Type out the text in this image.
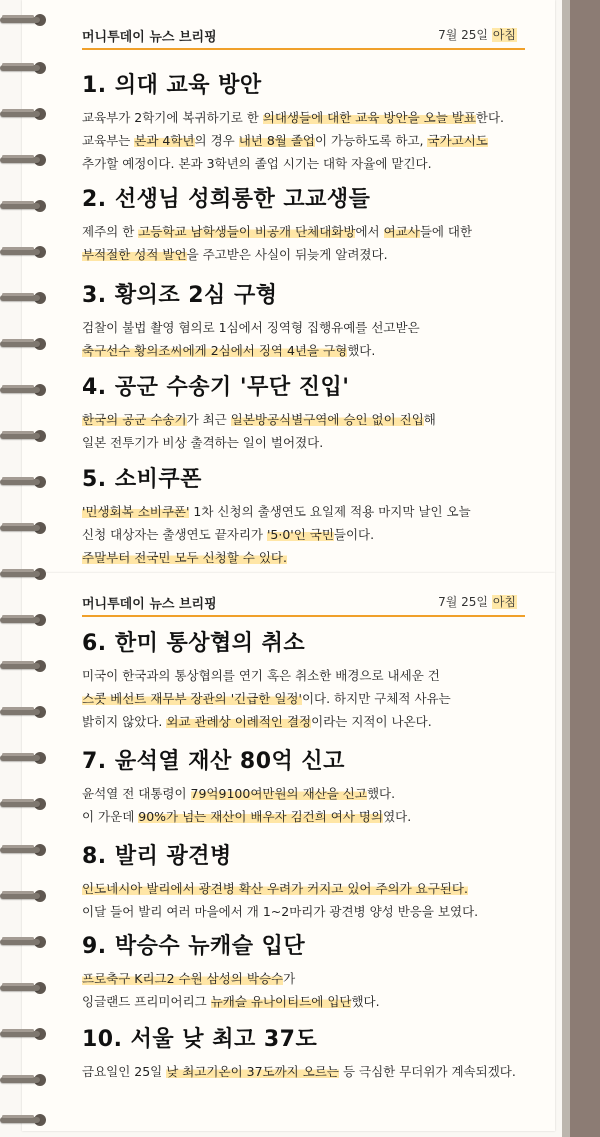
머니투데이 뉴스 브리핑	7월 25일 아침
1. 의대 교육 방안

교육부가 2학기에 복귀하기로 한 의대생들에 대한 교육 방안을 오늘 발표한다.
교육부는 본과 4학년의 경우 내년 8월 졸업이 가능하도록 하고, 국가고시도
추가할 예정이다. 본과 3학년의 졸업 시기는 대학 자율에 맡긴다.

2. 선생님 성희롱한 고교생들

제주의 한 고등학교 남학생들이 비공개 단체대화방에서 여교사들에 대한
부적절한 성적 발언을 주고받은 사실이 뒤늦게 알려졌다.

3. 황의조 2심 구형

검찰이 불법 촬영 혐의로 1심에서 징역형 집행유예를 선고받은
축구선수 황의조씨에게 2심에서 징역 4년을 구형했다.

4. 공군 수송기 '무단 진입'

한국의 공군 수송기가 최근 일본방공식별구역에 승인 없이 진입해
일본 전투기가 비상 출격하는 일이 벌어졌다.

5. 소비쿠폰

'민생회복 소비쿠폰' 1차 신청의 출생연도 요일제 적용 마지막 날인 오늘
신청 대상자는 출생연도 끝자리가 '5·0'인 국민들이다.
주말부터 전국민 모두 신청할 수 있다.

머니투데이 뉴스 브리핑	7월 25일 아침
6. 한미 통상협의 취소

미국이 한국과의 통상협의를 연기 혹은 취소한 배경으로 내세운 건
스콧 베선트 재무부 장관의 '긴급한 일정'이다. 하지만 구체적 사유는
밝히지 않았다. 외교 관례상 이례적인 결정이라는 지적이 나온다.

7. 윤석열 재산 80억 신고

윤석열 전 대통령이 79억9100여만원의 재산을 신고했다.
이 가운데 90%가 넘는 재산이 배우자 김건희 여사 명의였다.

8. 발리 광견병

인도네시아 발리에서 광견병 확산 우려가 커지고 있어 주의가 요구된다.
이달 들어 발리 여러 마을에서 개 1~2마리가 광견병 양성 반응을 보였다.

9. 박승수 뉴캐슬 입단

프로축구 K리그2 수원 삼성의 박승수가
잉글랜드 프리미어리그 뉴캐슬 유나이티드에 입단했다.

10. 서울 낮 최고 37도

금요일인 25일 낮 최고기온이 37도까지 오르는 등 극심한 무더위가 계속되겠다.
